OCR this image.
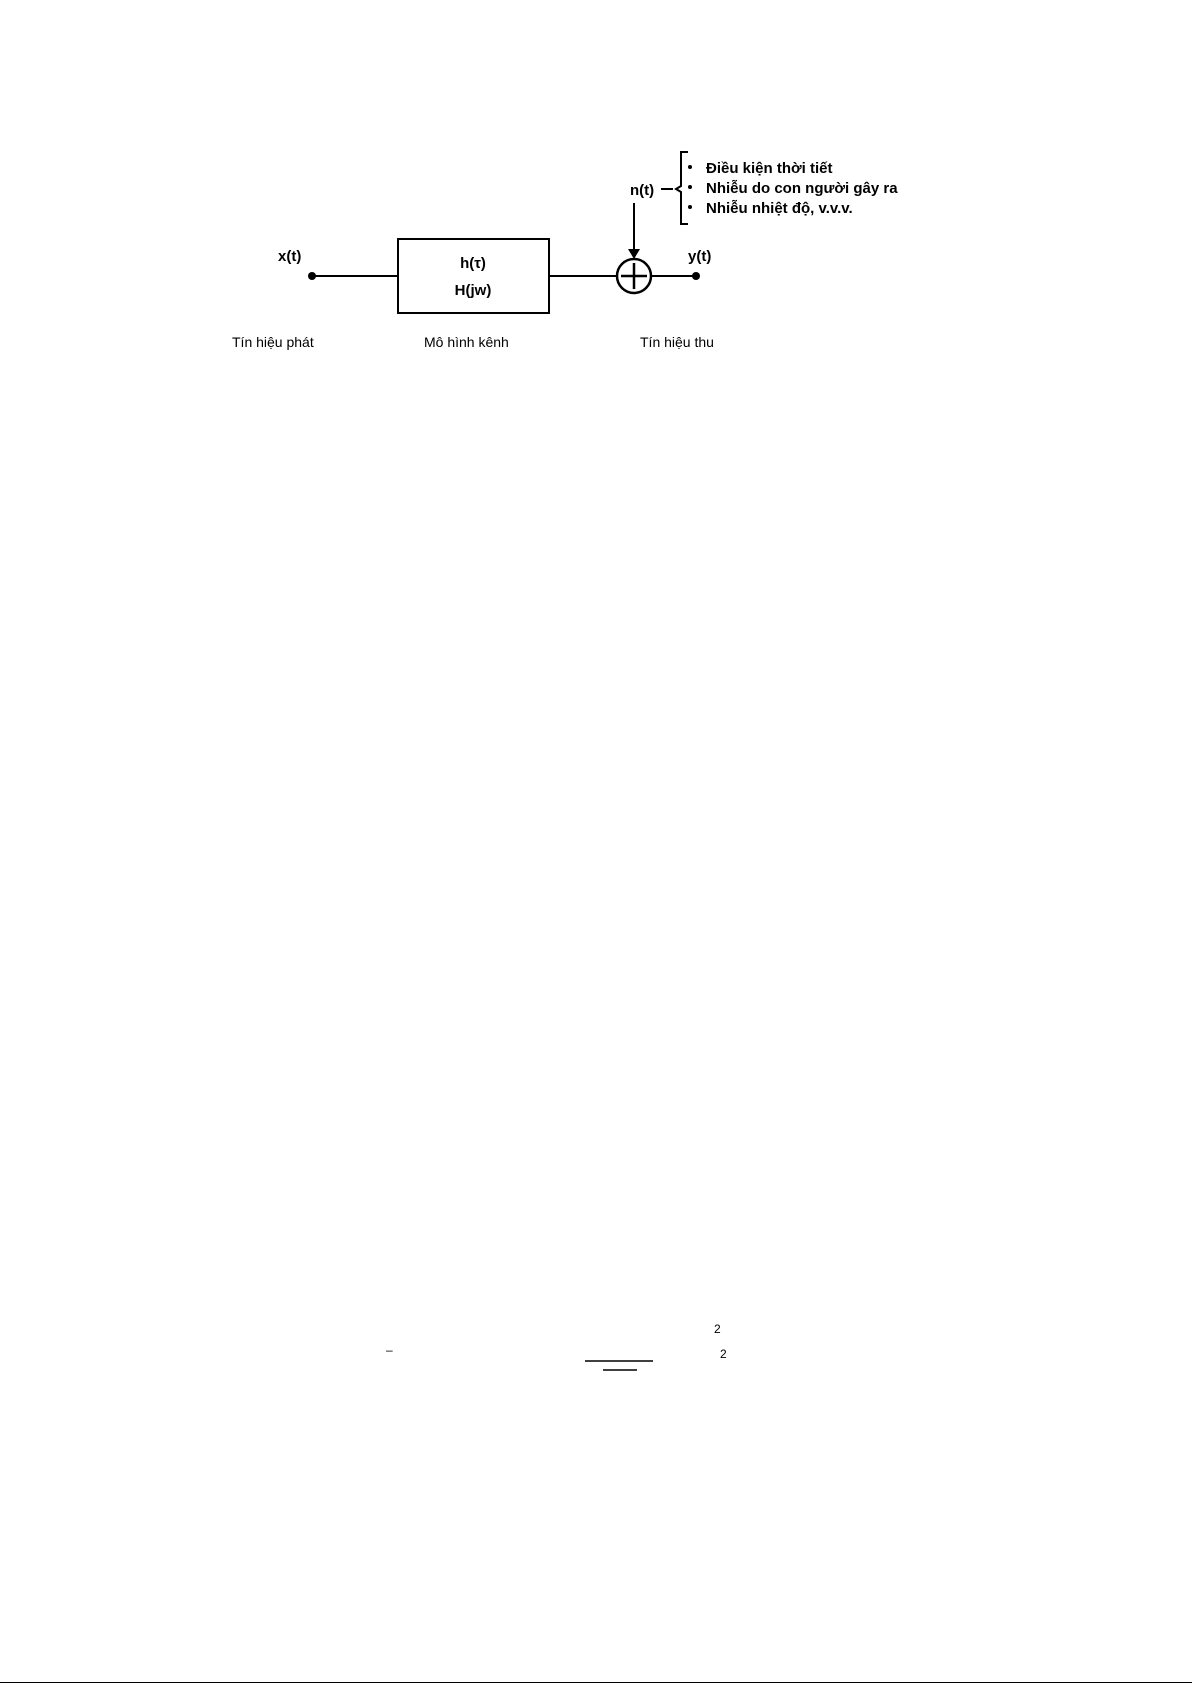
x(t)	h(τ)
H(jw)
y(t)
n(t)
Điều kiện thời tiết
Nhiễu do con người gây ra
Nhiễu nhiệt độ, v.v.v.
Tín hiệu phát	Mô hình kênh	Tín hiệu thu
2
–	2
